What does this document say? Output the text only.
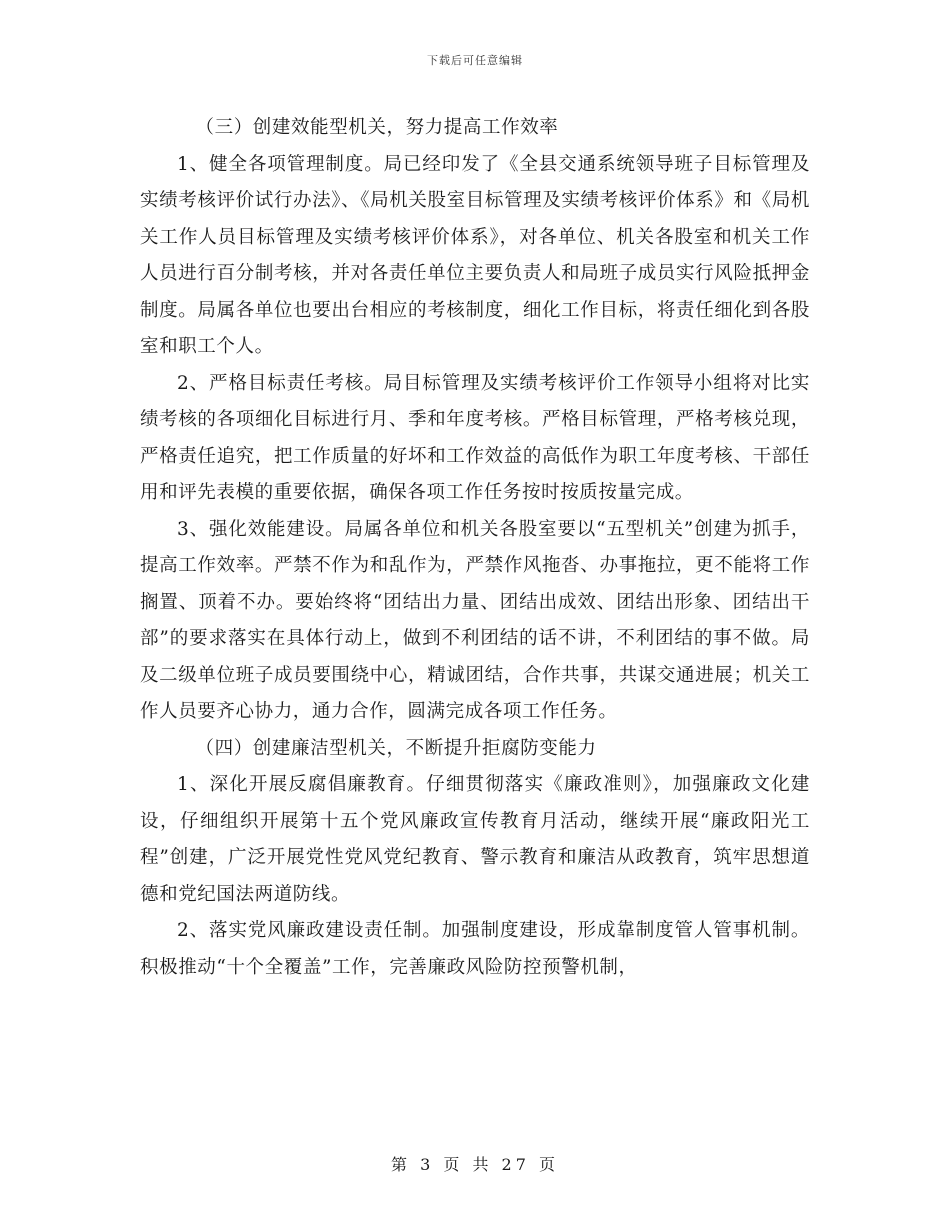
下载后可任意编辑

（三）创建效能型机关，努力提高工作效率

1、健全各项管理制度。局已经印发了《全县交通系统领导班子目标管理及实绩考核评价试行办法》、《局机关股室目标管理及实绩考核评价体系》和《局机关工作人员目标管理及实绩考核评价体系》，对各单位、机关各股室和机关工作人员进行百分制考核，并对各责任单位主要负责人和局班子成员实行风险抵押金制度。局属各单位也要出台相应的考核制度，细化工作目标，将责任细化到各股室和职工个人。

2、严格目标责任考核。局目标管理及实绩考核评价工作领导小组将对比实绩考核的各项细化目标进行月、季和年度考核。严格目标管理，严格考核兑现，严格责任追究，把工作质量的好坏和工作效益的高低作为职工年度考核、干部任用和评先表模的重要依据，确保各项工作任务按时按质按量完成。

3、强化效能建设。局属各单位和机关各股室要以“五型机关”创建为抓手，提高工作效率。严禁不作为和乱作为，严禁作风拖沓、办事拖拉，更不能将工作搁置、顶着不办。要始终将“团结出力量、团结出成效、团结出形象、团结出干部”的要求落实在具体行动上，做到不利团结的话不讲，不利团结的事不做。局及二级单位班子成员要围绕中心，精诚团结，合作共事，共谋交通进展；机关工作人员要齐心协力，通力合作，圆满完成各项工作任务。

（四）创建廉洁型机关，不断提升拒腐防变能力

1、深化开展反腐倡廉教育。仔细贯彻落实《廉政准则》，加强廉政文化建设，仔细组织开展第十五个党风廉政宣传教育月活动，继续开展“廉政阳光工程”创建，广泛开展党性党风党纪教育、警示教育和廉洁从政教育，筑牢思想道德和党纪国法两道防线。

2、落实党风廉政建设责任制。加强制度建设，形成靠制度管人管事机制。积极推动“十个全覆盖”工作，完善廉政风险防控预警机制，

第 3 页 共 27 页
